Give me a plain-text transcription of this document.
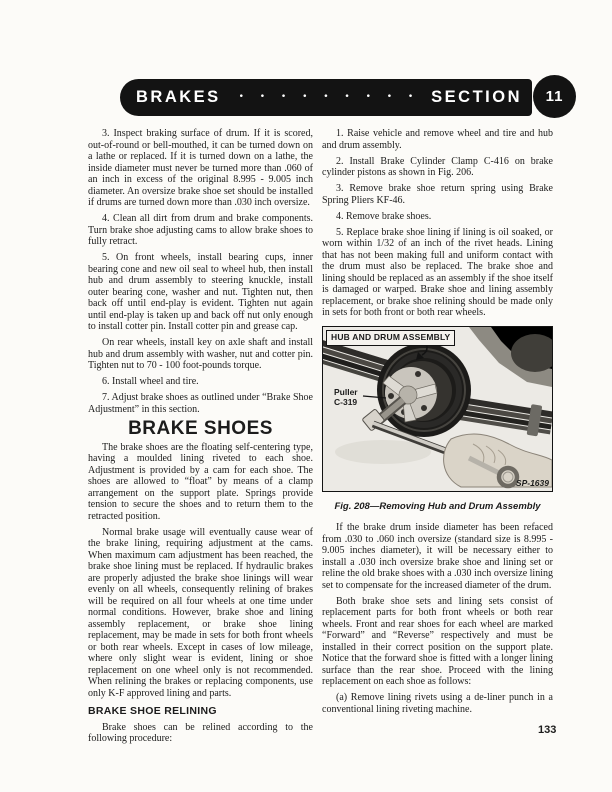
BRAKES	• • • • • • • • •	SECTION 11

3. Inspect braking surface of drum. If it is scored, out-of-round or bell-mouthed, it can be turned down on a lathe or replaced. If it is turned down on a lathe, the inside diameter must never be turned more than .060 of an inch in excess of the original 8.995 - 9.005 inch diameter. An oversize brake shoe set should be installed if drums are turned down more than .030 inch oversize.

4. Clean all dirt from drum and brake components. Turn brake shoe adjusting cams to allow brake shoes to fully retract.

5. On front wheels, install bearing cups, inner bearing cone and new oil seal to wheel hub, then install hub and drum assembly to steering knuckle, install outer bearing cone, washer and nut. Tighten nut, then back off until end-play is evident. Tighten nut again until end-play is taken up and back off nut only enough to install cotter pin. Install cotter pin and grease cap.

On rear wheels, install key on axle shaft and install hub and drum assembly with washer, nut and cotter pin. Tighten nut to 70 - 100 foot-pounds torque.

6. Install wheel and tire.

7. Adjust brake shoes as outlined under “Brake Shoe Adjustment” in this section.

BRAKE SHOES

The brake shoes are the floating self-centering type, having a moulded lining riveted to each shoe. Adjustment is provided by a cam for each shoe. The shoes are allowed to “float” by means of a clamp arrangement on the support plate. Springs provide tension to secure the shoes and to return them to the retracted position.

Normal brake usage will eventually cause wear of the brake lining, requiring adjustment at the cams. When maximum cam adjustment has been reached, the brake shoe lining must be replaced. If hydraulic brakes are properly adjusted the brake shoe linings will wear evenly on all wheels, consequently relining of brakes will be required on all four wheels at one time under normal conditions. However, brake shoe and lining assembly replacement, or brake shoe lining replacement, may be made in sets for both front wheels or both rear wheels. Except in cases of low mileage, where only slight wear is evident, lining or shoe replacement on one wheel only is not recommended. When relining the brakes or replacing components, use only K-F approved lining and parts.

BRAKE SHOE RELINING

Brake shoes can be relined according to the following procedure:

1. Raise vehicle and remove wheel and tire and hub and drum assembly.

2. Install Brake Cylinder Clamp C-416 on brake cylinder pistons as shown in Fig. 206.

3. Remove brake shoe return spring using Brake Spring Pliers KF-46.

4. Remove brake shoes.

5. Replace brake shoe lining if lining is oil soaked, or worn within 1/32 of an inch of the rivet heads. Lining that has not been making full and uniform contact with the drum must also be replaced. The brake shoe and lining should be replaced as an assembly if the shoe itself is damaged or warped. Brake shoe and lining assembly replacement, or brake shoe relining should be made only in sets for both front or both rear wheels.

HUB AND DRUM ASSEMBLY
Puller
C-319
SP-1639
Fig. 208—Removing Hub and Drum Assembly

If the brake drum inside diameter has been refaced from .030 to .060 inch oversize (standard size is 8.995 - 9.005 inches diameter), it will be necessary either to install a .030 inch oversize brake shoe and lining set or reline the old brake shoes with a .030 inch oversize lining set to compensate for the increased diameter of the drum.

Both brake shoe sets and lining sets consist of replacement parts for both front wheels or both rear wheels. Front and rear shoes for each wheel are marked “Forward” and “Reverse” respectively and must be installed in their correct position on the support plate. Notice that the forward shoe is fitted with a longer lining surface than the rear shoe. Proceed with the lining replacement on each shoe as follows:

(a) Remove lining rivets using a de-liner punch in a conventional lining riveting machine.

133
